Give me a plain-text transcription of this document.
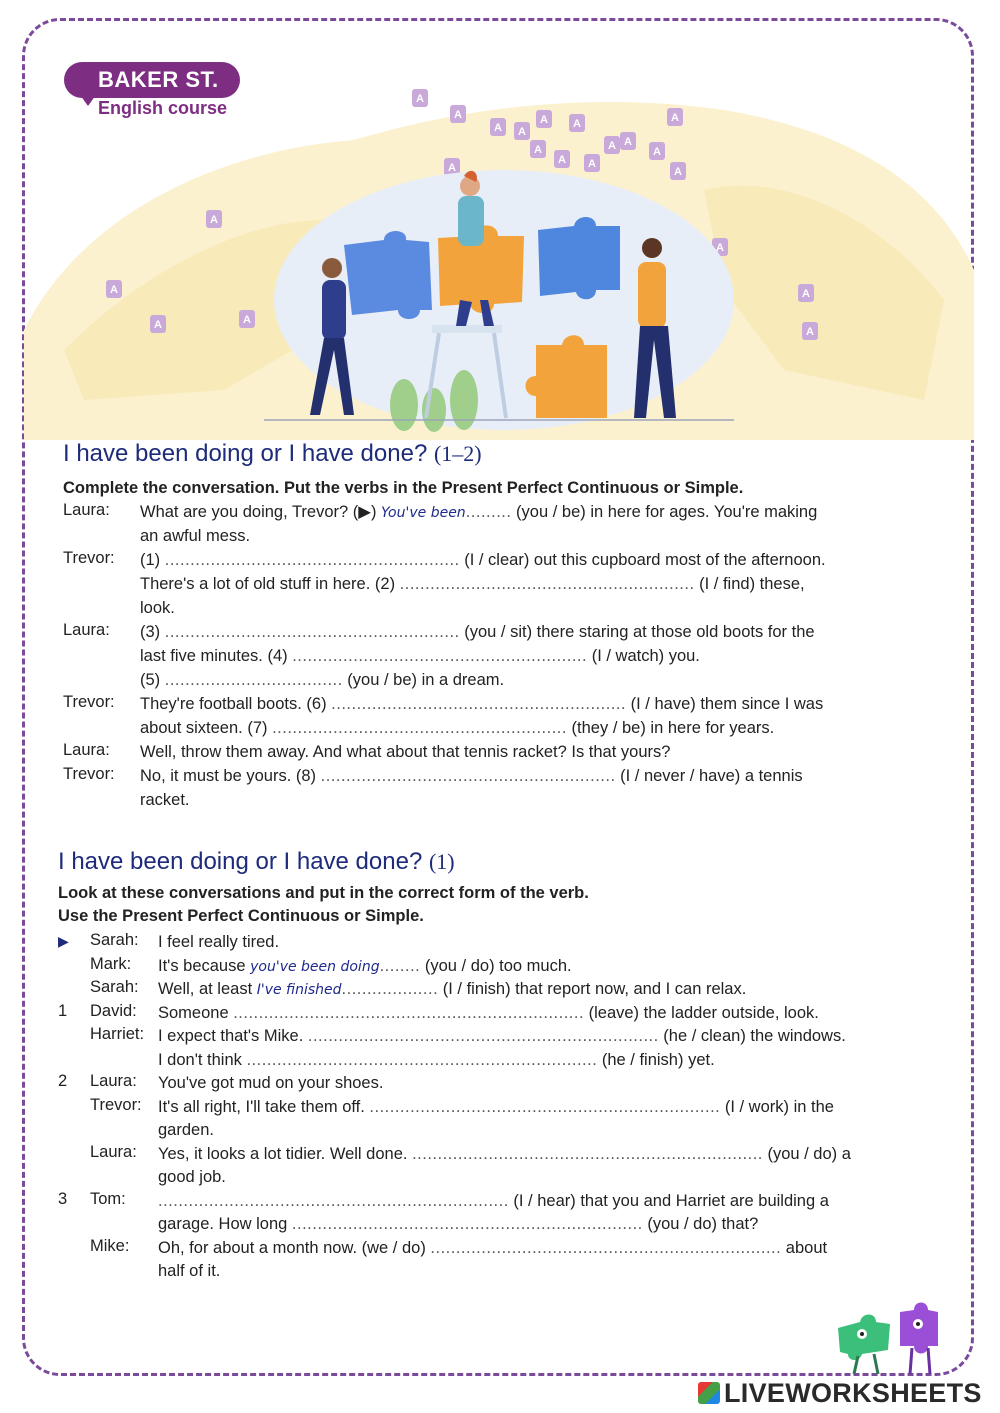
BAKER ST.
English course	A
A
A A
A A
A A
A
A
A
A
A
A A
A
A
A	A
A
A
A
I have been doing or I have done? (1–2)

Complete the conversation. Put the verbs in the Present Perfect Continuous or Simple.

Laura: What are you doing, Trevor? (▶) You've been......... (you / be) in here for ages. You're making
an awful mess.
Trevor: (1) .......................................................... (I / clear) out this cupboard most of the afternoon.
There's a lot of old stuff in here. (2) .......................................................... (I / find) these,
look.
Laura: (3) .......................................................... (you / sit) there staring at those old boots for the
last five minutes. (4) .......................................................... (I / watch) you.
(5) ................................... (you / be) in a dream.
Trevor: They're football boots. (6) .......................................................... (I / have) them since I was
about sixteen. (7) .......................................................... (they / be) in here for years.
Laura: Well, throw them away. And what about that tennis racket? Is that yours?
Trevor: No, it must be yours. (8) .......................................................... (I / never / have) a tennis
racket.
I have been doing or I have done? (1)

Look at these conversations and put in the correct form of the verb.

Use the Present Perfect Continuous or Simple.

▶ Sarah: I feel really tired.
Mark: It's because you've been doing........ (you / do) too much.
Sarah: Well, at least I've finished................... (I / finish) that report now, and I can relax.
1 David: Someone ..................................................................... (leave) the ladder outside, look.
Harriet: I expect that's Mike. ..................................................................... (he / clean) the windows.
I don't think ..................................................................... (he / finish) yet.
2 Laura: You've got mud on your shoes.
Trevor: It's all right, I'll take them off. ..................................................................... (I / work) in the
garden.
Laura: Yes, it looks a lot tidier. Well done. ..................................................................... (you / do) a
good job.
3 Tom: ..................................................................... (I / hear) that you and Harriet are building a
garage. How long ..................................................................... (you / do) that?
Mike: Oh, for about a month now. (we / do) ..................................................................... about
half of it.
LIVEWORKSHEETS
